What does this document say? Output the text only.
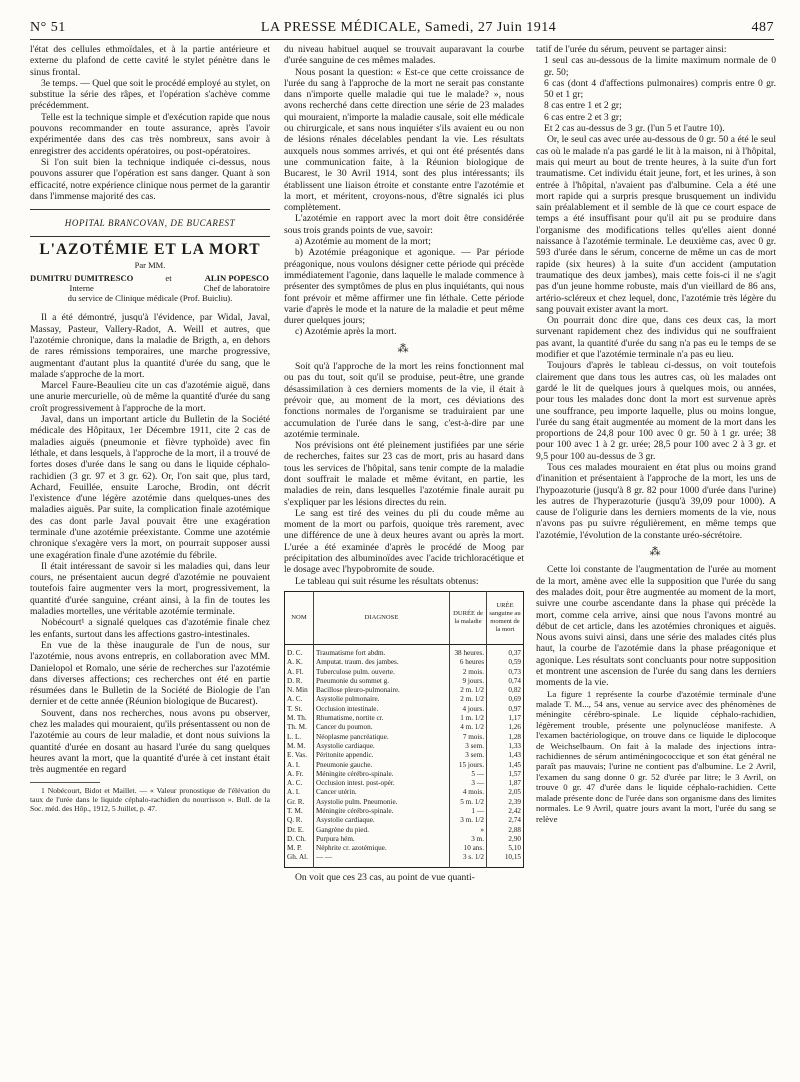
N° 51	LA PRESSE MÉDICALE, Samedi, 27 Juin 1914	487

l'état des cellules ethmoïdales, et à la partie antérieure et externe du plafond de cette cavité le stylet pénètre dans le sinus frontal.

3e temps. — Quel que soit le procédé employé au stylet, on substitue la série des râpes, et l'opération s'achève comme précédemment.

Telle est la technique simple et d'exécution rapide que nous pouvons recommander en toute assurance, après l'avoir expérimentée dans des cas très nombreux, sans avoir à enregistrer des accidents opératoires, ou post-opératoires.

Si l'on suit bien la technique indiquée ci-dessus, nous pouvons assurer que l'opération est sans danger. Quant à son efficacité, notre expérience clinique nous permet de la garantir dans l'immense majorité des cas.

HOPITAL BRANCOVAN, DE BUCAREST
L'AZOTÉMIE ET LA MORT
Par MM.
DUMITRU DUMITRESCO
Interne
et	ALIN POPESCO
Chef de laboratoire
du service de Clinique médicale (Prof. Buicliu).

Il a été démontré, jusqu'à l'évidence, par Widal, Javal, Massay, Pasteur, Vallery-Radot, A. Weill et autres, que l'azotémie chronique, dans la maladie de Brigth, a, en dehors de rares rémissions temporaires, une marche progressive, augmentant d'autant plus la quantité d'urée du sang, que le malade s'approche de la mort.

Marcel Faure-Beaulieu cite un cas d'azotémie aiguë, dans une anurie mercurielle, où de même la quantité d'urée du sang croît progressivement à l'approche de la mort.

Javal, dans un important article du Bulletin de la Société médicale des Hôpitaux, 1er Décembre 1911, cite 2 cas de maladies aiguës (pneumonie et fièvre typhoïde) avec fin léthale, et dans lesquels, à l'approche de la mort, il a trouvé de fortes doses d'urée dans le sang ou dans le liquide céphalo-rachidien (3 gr. 97 et 3 gr. 62). Or, l'on sait que, plus tard, Achard, Feuillée, ensuite Laroche, Brodin, ont décrit l'existence d'une légère azotémie dans quelques-unes des maladies aiguës. Par suite, la complication finale azotémique des cas dont parle Javal pouvait être une exagération terminale d'une azotémie préexistante. Comme une azotémie chronique s'exagère vers la mort, on pourrait supposer aussi une exagération finale d'une azotémie du fébrile.

Il était intéressant de savoir si les maladies qui, dans leur cours, ne présentaient aucun degré d'azotémie ne pouvaient toutefois faire augmenter vers la mort, progressivement, la quantité d'urée sanguine, créant ainsi, à la fin de toutes les maladies mortelles, une véritable azotémie terminale.

Nobécourt¹ a signalé quelques cas d'azotémie finale chez les enfants, surtout dans les affections gastro-intestinales.

En vue de la thèse inaugurale de l'un de nous, sur l'azotémie, nous avons entrepris, en collaboration avec MM. Danielopol et Romalo, une série de recherches sur l'azotémie dans diverses affections; ces recherches ont été en partie résumées dans le Bulletin de la Société de Biologie de l'an dernier et de cette année (Réunion biologique de Bucarest).

Souvent, dans nos recherches, nous avons pu observer, chez les malades qui mouraient, qu'ils présentassent ou non de l'azotémie au cours de leur maladie, et dont nous suivions la quantité d'urée en dosant au hasard l'urée du sang quelques heures avant la mort, que la quantité d'urée à cet instant était très augmentée en regard

1 Nobécourt, Bidot et Maillet. — « Valeur pronostique de l'élévation du taux de l'urée dans le liquide céphalo-rachidien du nourrisson ». Bull. de la Soc. méd. des Hôp., 1912, 5 Juillet, p. 47.

du niveau habituel auquel se trouvait auparavant la courbe d'urée sanguine de ces mêmes malades.

Nous posant la question: « Est-ce que cette croissance de l'urée du sang à l'approche de la mort ne serait pas constante dans n'importe quelle maladie qui tue le malade? », nous avons recherché dans cette direction une série de 23 malades qui mouraient, n'importe la maladie causale, soit elle médicale ou chirurgicale, et sans nous inquiéter s'ils avaient eu ou non de lésions rénales décelables pendant la vie. Les résultats auxquels nous sommes arrivés, et qui ont été présentés dans une communication faite, à la Réunion biologique de Bucarest, le 30 Avril 1914, sont des plus intéressants; ils établissent une liaison étroite et constante entre l'azotémie et la mort, et méritent, croyons-nous, d'être signalés ici plus complètement.

L'azotémie en rapport avec la mort doit être considérée sous trois grands points de vue, savoir:

a) Azotémie au moment de la mort;

b) Azotémie préagonique et agonique. — Par période préagonique, nous voulons désigner cette période qui précède immédiatement l'agonie, dans laquelle le malade commence à présenter des symptômes de plus en plus inquiétants, qui nous font prévoir et même affirmer une fin léthale. Cette période varie d'après le mode et la nature de la maladie et peut même durer quelques jours;

c) Azotémie après la mort.

⁂

Soit qu'à l'approche de la mort les reins fonctionnent mal ou pas du tout, soit qu'il se produise, peut-être, une grande désassimilation à ces derniers moments de la vie, il était à prévoir que, au moment de la mort, ces déviations des fonctions normales de l'organisme se traduiraient par une accumulation de l'urée dans le sang, c'est-à-dire par une azotémie terminale.

Nos prévisions ont été pleinement justifiées par une série de recherches, faites sur 23 cas de mort, pris au hasard dans tous les services de l'hôpital, sans tenir compte de la maladie dont souffrait le malade et même évitant, en partie, les maladies de rein, dans lesquelles l'azotémie finale aurait pu s'expliquer par les lésions directes du rein.

Le sang est tiré des veines du pli du coude même au moment de la mort ou parfois, quoique très rarement, avec une différence de une à deux heures avant ou après la mort. L'urée a été examinée d'après le procédé de Moog par précipitation des albuminoïdes avec l'acide trichloracétique et le dosage avec l'hypobromite de soude.

Le tableau qui suit résume les résultats obtenus:

NOM	DIAGNOSE	DURÉE de la maladie	URÉE sanguine au moment de la mort
D. C.	Traumatisme fort abdm.	38 heures.	0,37
A. K.	Amputat. traum. des jambes.	6 heures	0,59
A. Fl.	Tuberculose pulm. ouverte.	2 mois.	0,73
D. R.	Pneumonie du sommet g.	9 jours.	0,74
N. Min	Bacillose pleuro-pulmonaire.	2 m. 1/2	0,82
A. C.	Asystolie pulmonaire.	2 m. 1/2	0,69
T. St.	Occlusion intestinale.	4 jours.	0,97
M. Th.	Rhumatisme, nortite cr.	1 m. 1/2	1,17
Th. M.	Cancer du poumon.	4 m. 1/2	1,26
L. L.	Néoplasme pancréatique.	7 mois.	1,28
M. M.	Asystolie cardiaque.	3 sem.	1,33
E. Vas.	Péritonite appendic.	3 sem.	1,43
A. I.	Pneumonie gauche.	15 jours.	1,45
A. Fr.	Méningite cérébro-spinale.	5 —	1,57
A. C.	Occlusion intest. post-opér.	3 —	1,87
A. I.	Cancer utérin.	4 mois.	2,05
Gr. R.	Asystolie pulm. Pneumonie.	5 m. 1/2	2,39
T. M.	Méningite cérébro-spinale.	1 —	2,42
Q. R.	Asystolie cardiaque.	3 m. 1/2	2,74
Dr. E.	Gangrène du pied.	»	2,88
D. Ch.	Purpura hém.	3 m.	2,90
M. P.	Néphrite cr. azotémique.	10 ans.	5,10
Gh. Al.	— —	3 s. 1/2	10,15

On voit que ces 23 cas, au point de vue quanti-

tatif de l'urée du sérum, peuvent se partager ainsi:

1 seul cas au-dessous de la limite maximum normale de 0 gr. 50;

6 cas (dont 4 d'affections pulmonaires) compris entre 0 gr. 50 et 1 gr;

8 cas entre 1 et 2 gr;

6 cas entre 2 et 3 gr;

Et 2 cas au-dessus de 3 gr. (l'un 5 et l'autre 10).

Or, le seul cas avec urée au-dessous de 0 gr. 50 a été le seul cas où le malade n'a pas gardé le lit à la maison, ni à l'hôpital, mais qui meurt au bout de trente heures, à la suite d'un fort traumatisme. Cet individu était jeune, fort, et les urines, à son entrée à l'hôpital, n'avaient pas d'albumine. Cela a été une mort rapide qui a surpris presque brusquement un individu sain préalablement et il semble de là que ce court espace de temps a été insuffisant pour qu'il ait pu se produire dans l'organisme des modifications telles qu'elles aient donné naissance à l'azotémie terminale. Le deuxième cas, avec 0 gr. 593 d'urée dans le sérum, concerne de même un cas de mort rapide (six heures) à la suite d'un accident (amputation traumatique des deux jambes), mais cette fois-ci il ne s'agit pas d'un jeune homme robuste, mais d'un vieillard de 86 ans, artério-scléreux et chez lequel, donc, l'azotémie très légère du sang pouvait exister avant la mort.

On pourrait donc dire que, dans ces deux cas, la mort survenant rapidement chez des individus qui ne souffraient pas avant, la quantité d'urée du sang n'a pas eu le temps de se modifier et que l'azotémie terminale n'a pas eu lieu.

Toujours d'après le tableau ci-dessus, on voit toutefois clairement que dans tous les autres cas, où les malades ont gardé le lit de quelques jours à quelques mois, ou années, pour tous les malades donc dont la mort est survenue après une souffrance, peu importe laquelle, plus ou moins longue, l'urée du sang était augmentée au moment de la mort dans les proportions de 24,8 pour 100 avec 0 gr. 50 à 1 gr. urée; 38 pour 100 avec 1 à 2 gr. urée; 28,5 pour 100 avec 2 à 3 gr. et 9,5 pour 100 au-dessus de 3 gr.

Tous ces malades mouraient en état plus ou moins grand d'inanition et présentaient à l'approche de la mort, les uns de l'hypoazoturie (jusqu'à 8 gr. 82 pour 1000 d'urée dans l'urine) les autres de l'hyperazoturie (jusqu'à 39,09 pour 1000). A cause de l'oligurie dans les derniers moments de la vie, nous n'avons pas pu suivre régulièrement, en même temps que l'azotémie, l'évolution de la constante uréo-sécrétoire.

⁂

Cette loi constante de l'augmentation de l'urée au moment de la mort, amène avec elle la supposition que l'urée du sang des malades doit, pour être augmentée au moment de la mort, suivre une courbe ascendante dans la phase qui précède la mort, comme cela arrive, ainsi que nous l'avons montré au début de cet article, dans les azotémies chroniques et aiguës. Nous avons suivi ainsi, dans une série des malades cités plus haut, la courbe de l'azotémie dans la phase préagonique et agonique. Les résultats sont concluants pour notre supposition et montrent une ascension de l'urée du sang dans les derniers moments de la vie.

La figure 1 représente la courbe d'azotémie terminale d'une malade T. M..., 54 ans, venue au service avec des phénomènes de méningite cérébro-spinale. Le liquide céphalo-rachidien, légèrement trouble, présente une polynucléose manifeste. A l'examen bactériologique, on trouve dans ce liquide le diplocoque de Weichselbaum. On fait à la malade des injections intra-rachidiennes de sérum antiméningococcique et son état général ne paraît pas mauvais; l'urine ne contient pas d'albumine. Le 2 Avril, l'examen du sang donne 0 gr. 52 d'urée par litre; le 3 Avril, on trouve 0 gr. 47 d'urée dans le liquide céphalo-rachidien. Cette malade présente donc de l'urée dans son organisme dans des limites normales. Le 9 Avril, quatre jours avant la mort, l'urée du sang se relève
